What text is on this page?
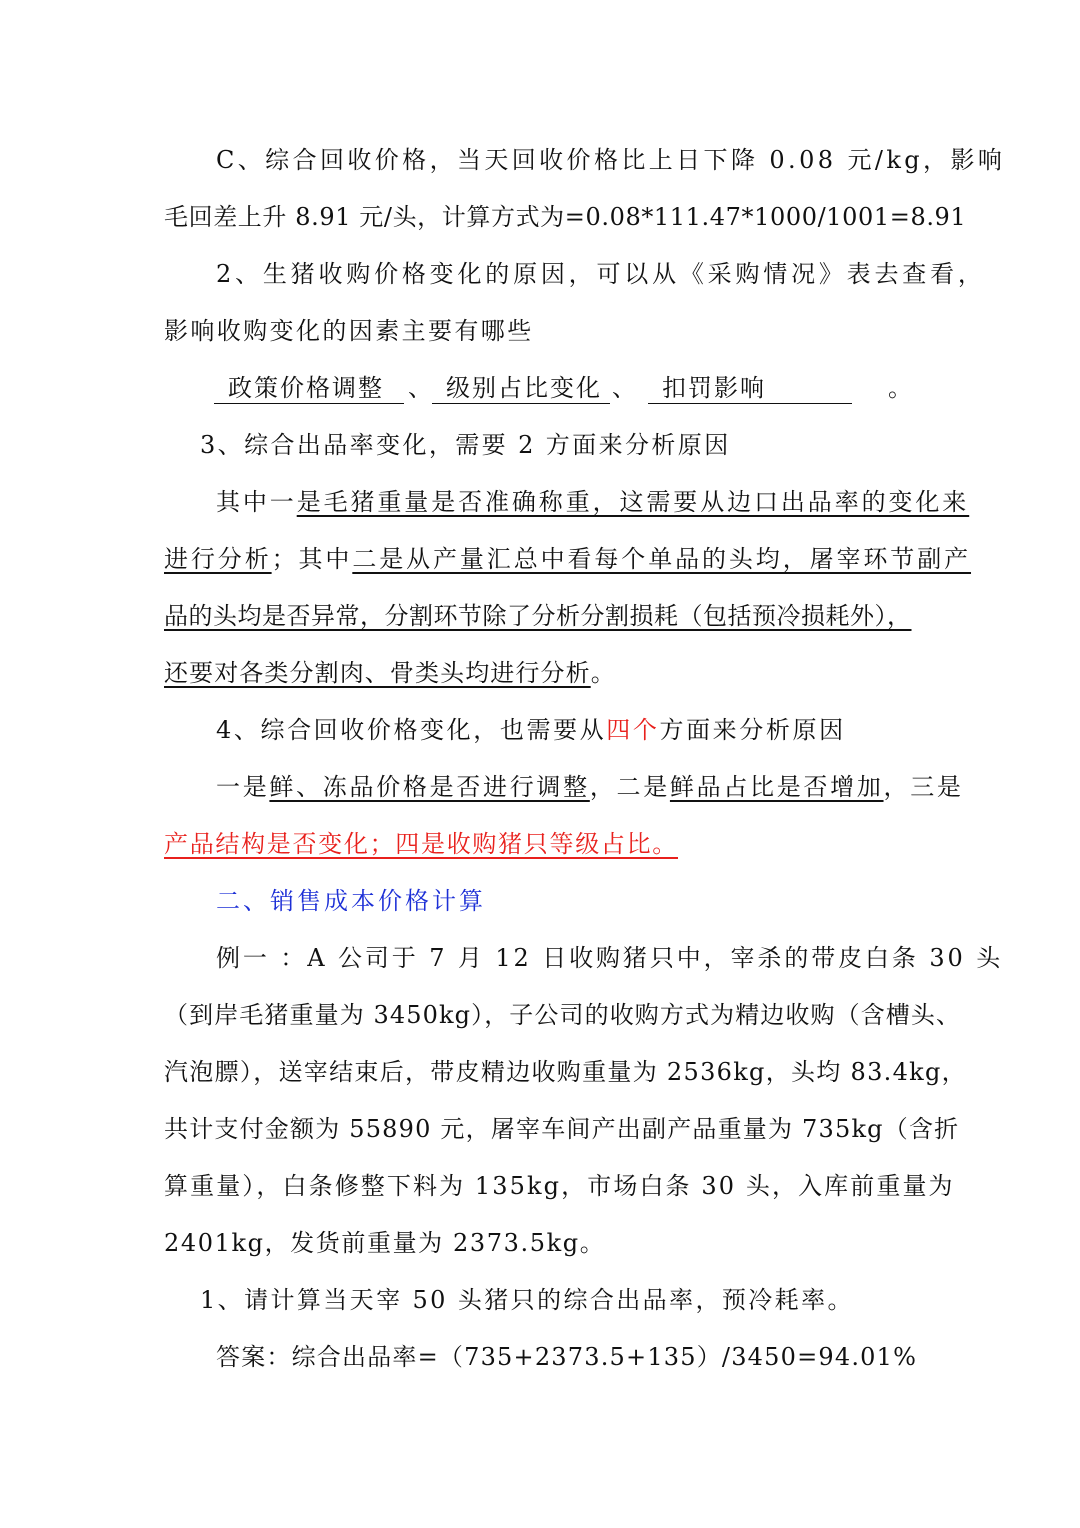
C、综合回收价格，当天回收价格比上日下降 0.08 元/kg，影响

毛回差上升 8.91 元/头，计算方式为=0.08*111.47*1000/1001=8.91

2、生猪收购价格变化的原因，可以从《采购情况》表去查看，

影响收购变化的因素主要有哪些

政策价格调整	、 级别占比变化 、	扣罚影响	。

3、综合出品率变化，需要 2 方面来分析原因

其中一是毛猪重量是否准确称重，这需要从边口出品率的变化来

进行分析；其中二是从产量汇总中看每个单品的头均，屠宰环节副产

品的头均是否异常，分割环节除了分析分割损耗（包括预冷损耗外），

还要对各类分割肉、骨类头均进行分析。

4、综合回收价格变化，也需要从四个方面来分析原因

一是鲜、冻品价格是否进行调整，二是鲜品占比是否增加，三是

产品结构是否变化；四是收购猪只等级占比。

二、销售成本价格计算

例一 ：A 公司于 7 月 12 日收购猪只中，宰杀的带皮白条 30 头

（到岸毛猪重量为 3450kg），子公司的收购方式为精边收购（含槽头、

汽泡膘），送宰结束后，带皮精边收购重量为 2536kg，头均 83.4kg，

共计支付金额为 55890 元，屠宰车间产出副产品重量为 735kg（含折

算重量），白条修整下料为 135kg，市场白条 30 头，入库前重量为

2401kg，发货前重量为 2373.5kg。

1、请计算当天宰 50 头猪只的综合出品率，预冷耗率。

答案：综合出品率=（735+2373.5+135）/3450=94.01%
